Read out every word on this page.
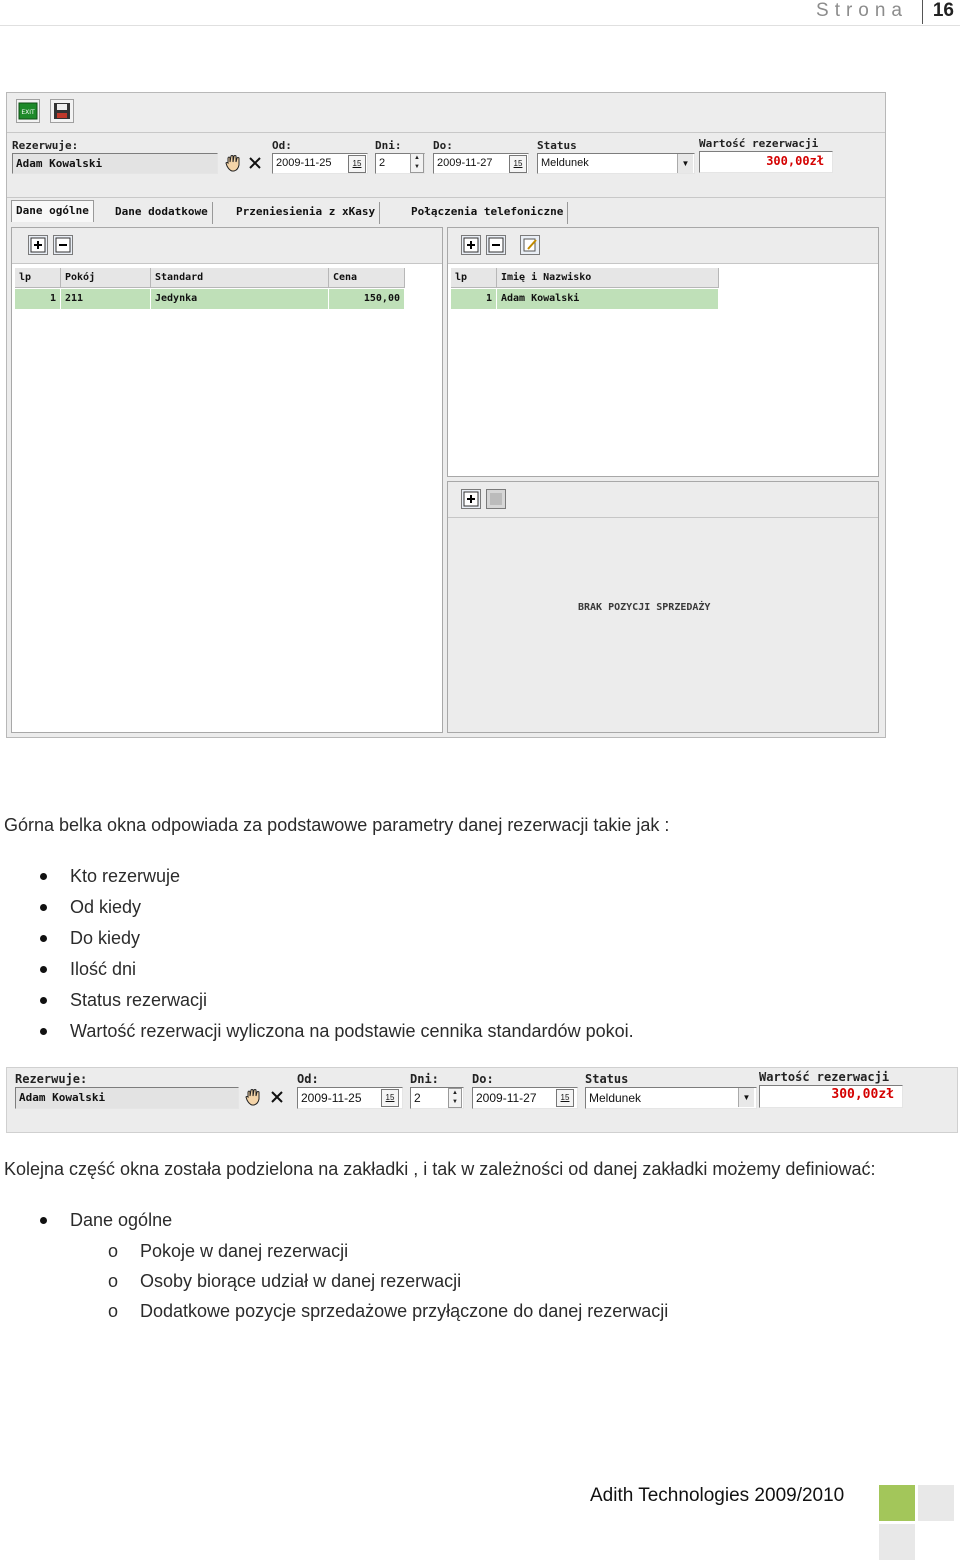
Strona	16
EXIT
Rezerwuje:
Adam Kowalski
Od:
2009-11-25	15
Dni:
2	▲
▼
Do:
2009-11-27	15
Status
Meldunek	▼
Wartość rezerwacji
300,00zł
Dane ogólne	Dane dodatkowe	Przeniesienia z xKasy	Połączenia telefoniczne
lp	Pokój	Standard	Cena
1 211	Jedynka	150,00
lp	Imię i Nazwisko
1 Adam Kowalski
BRAK POZYCJI SPRZEDAŻY
Górna belka okna odpowiada za podstawowe parametry danej rezerwacji takie jak :
Kto rezerwuje
Od kiedy
Do kiedy
Ilość dni
Status rezerwacji
Wartość rezerwacji wyliczona na podstawie cennika standardów pokoi.
Rezerwuje:
Adam Kowalski
Od:
2009-11-25	15
Dni:
2	▲
▼
Do:
2009-11-27	15
Status
Meldunek	▼
Wartość rezerwacji
300,00zł
Kolejna część okna została podzielona na zakładki , i tak w zależności od danej zakładki możemy definiować:
Dane ogólne
o Pokoje w danej rezerwacji
o Osoby biorące udział w danej rezerwacji
o Dodatkowe pozycje sprzedażowe przyłączone do danej rezerwacji
Adith Technologies 2009/2010
